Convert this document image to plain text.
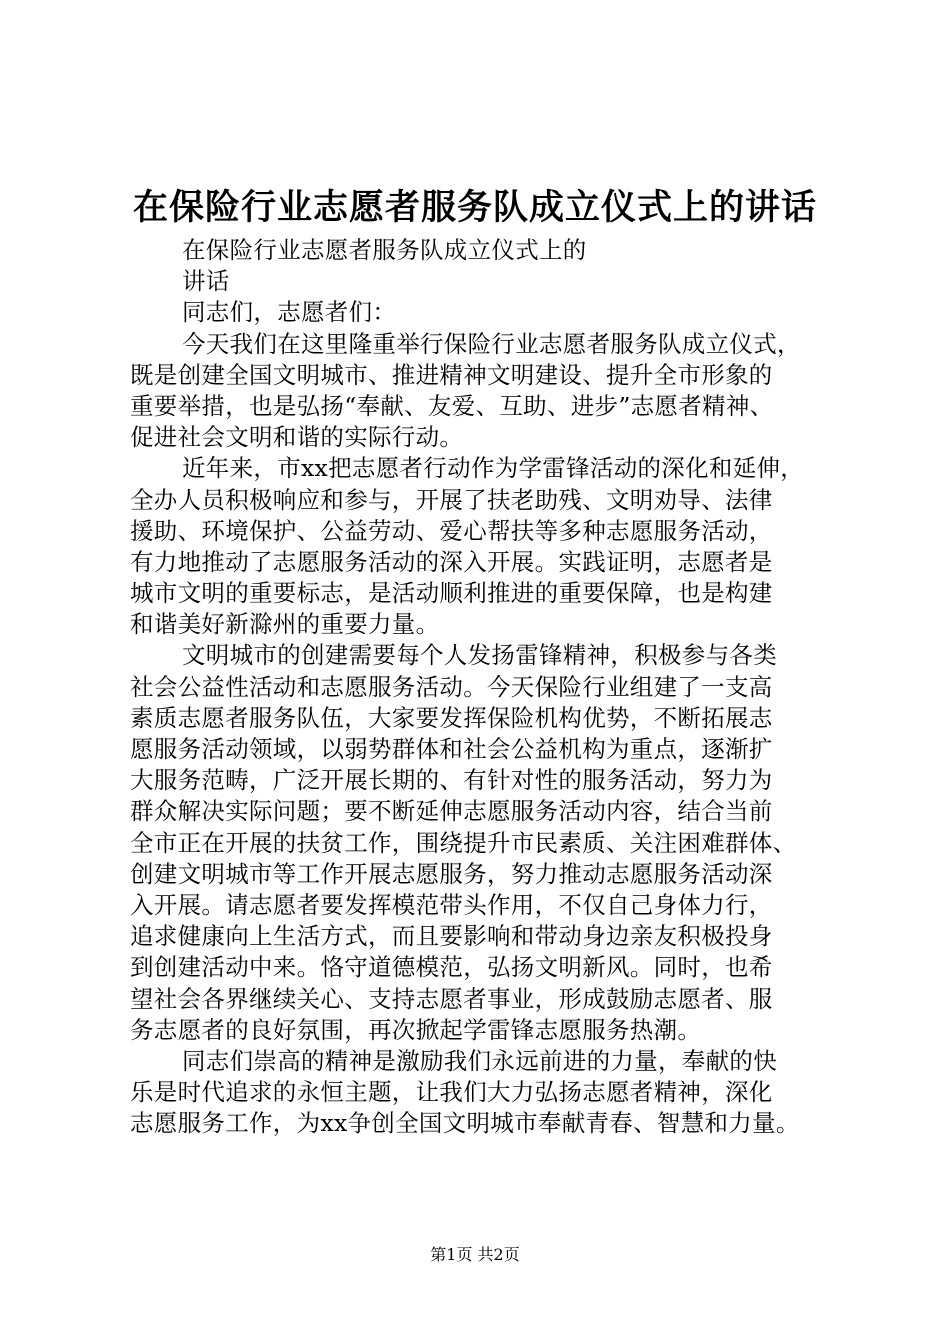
在保险行业志愿者服务队成立仪式上的讲话
在保险行业志愿者服务队成立仪式上的
讲话
同志们，志愿者们：
今天我们在这里隆重举行保险行业志愿者服务队成立仪式，
既是创建全国文明城市、推进精神文明建设、提升全市形象的
重要举措，也是弘扬“奉献、友爱、互助、进步”志愿者精神、
促进社会文明和谐的实际行动。
近年来，市xx把志愿者行动作为学雷锋活动的深化和延伸，
全办人员积极响应和参与，开展了扶老助残、文明劝导、法律
援助、环境保护、公益劳动、爱心帮扶等多种志愿服务活动，
有力地推动了志愿服务活动的深入开展。实践证明，志愿者是
城市文明的重要标志，是活动顺利推进的重要保障，也是构建
和谐美好新滁州的重要力量。
文明城市的创建需要每个人发扬雷锋精神，积极参与各类
社会公益性活动和志愿服务活动。今天保险行业组建了一支高
素质志愿者服务队伍，大家要发挥保险机构优势，不断拓展志
愿服务活动领域，以弱势群体和社会公益机构为重点，逐渐扩
大服务范畴，广泛开展长期的、有针对性的服务活动，努力为
群众解决实际问题；要不断延伸志愿服务活动内容，结合当前
全市正在开展的扶贫工作，围绕提升市民素质、关注困难群体、
创建文明城市等工作开展志愿服务，努力推动志愿服务活动深
入开展。请志愿者要发挥模范带头作用，不仅自己身体力行，
追求健康向上生活方式，而且要影响和带动身边亲友积极投身
到创建活动中来。恪守道德模范，弘扬文明新风。同时，也希
望社会各界继续关心、支持志愿者事业，形成鼓励志愿者、服
务志愿者的良好氛围，再次掀起学雷锋志愿服务热潮。
同志们崇高的精神是激励我们永远前进的力量，奉献的快
乐是时代追求的永恒主题，让我们大力弘扬志愿者精神，深化
志愿服务工作，为xx争创全国文明城市奉献青春、智慧和力量。
第1页 共2页
